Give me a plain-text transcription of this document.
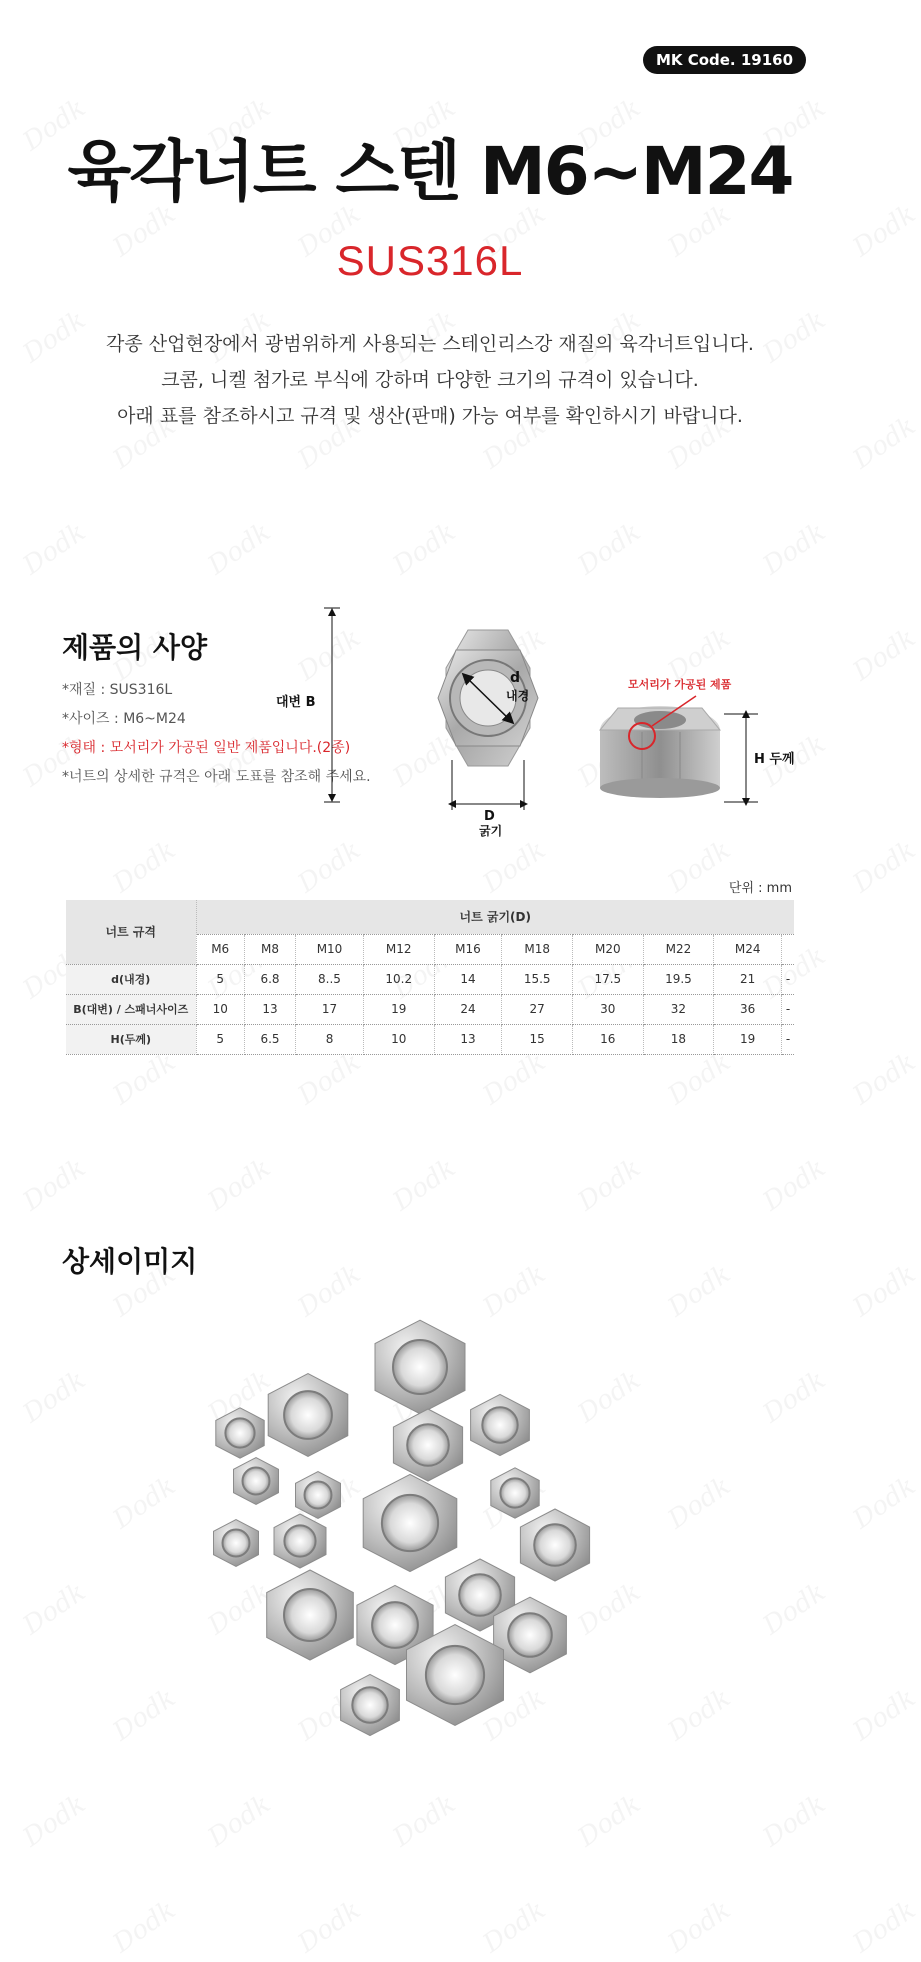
MK Code. 19160
육각너트 스텐 M6~M24
SUS316L

각종 산업현장에서 광범위하게 사용되는 스테인리스강 재질의 육각너트입니다.

크콤, 니켈 첨가로 부식에 강하며 다양한 크기의 규격이 있습니다.

아래 표를 참조하시고 규격 및 생산(판매) 가능 여부를 확인하시기 바랍니다.

제품의 사양
*재질 : SUS316L
*사이즈 : M6~M24
*형태 : 모서리가 가공된 일반 제품입니다.(2종)
*너트의 상세한 규격은 아래 도표를 참조해 주세요.
대변 B
d
내경
D
모서리가 가공된 제품
H 두께
굵기
단위 : mm
너트 규격	너트 굵기(D)									
	M6	M8	M10	M12	M16	M18	M20	M22	M24	
d(내경)	5	6.8	8..5	10.2	14	15.5	17.5	19.5	21	-
B(대변) / 스패너사이즈	10	13	17	19	24	27	30	32	36	-
H(두께)	5	6.5	8	10	13	15	16	18	19	-
상세이미지
